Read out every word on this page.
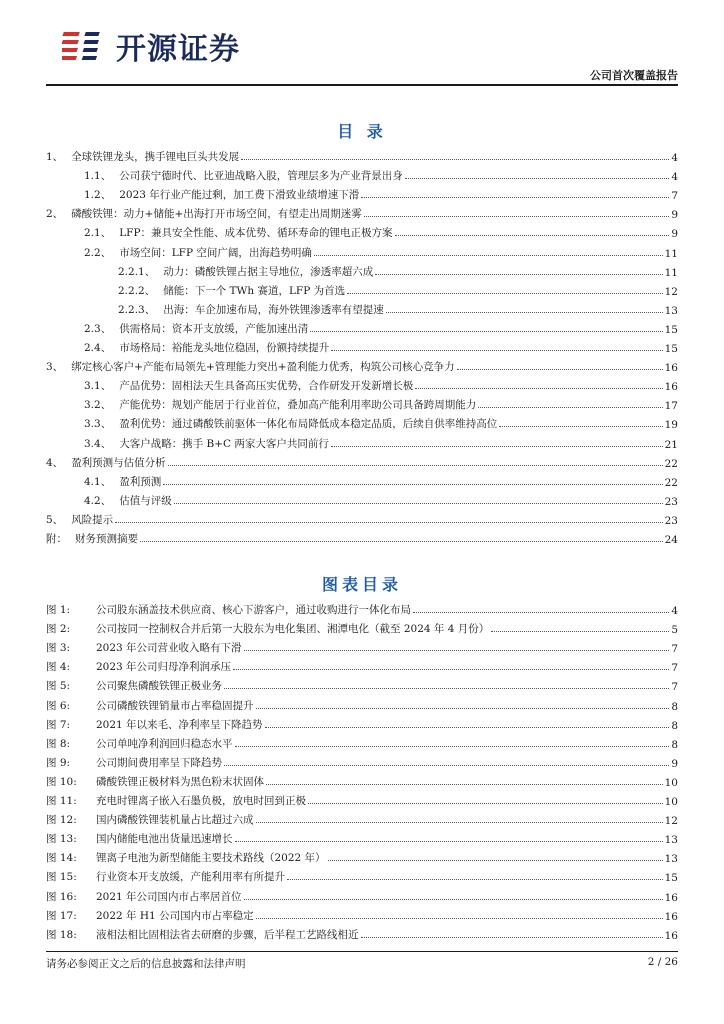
开源证券
公司首次覆盖报告
目 录
1、 全球铁锂龙头，携手锂电巨头共发展	4
1.1、 公司获宁德时代、比亚迪战略入股，管理层多为产业背景出身	4
1.2、 2023 年行业产能过剩，加工费下滑致业绩增速下滑	7
2、 磷酸铁锂：动力+储能+出海打开市场空间，有望走出周期迷雾	9
2.1、 LFP：兼具安全性能、成本优势、循环寿命的锂电正极方案	9
2.2、 市场空间：LFP 空间广阔，出海趋势明确	11
2.2.1、 动力：磷酸铁锂占据主导地位，渗透率超六成	11
2.2.2、 储能：下一个 TWh 赛道，LFP 为首选	12
2.2.3、 出海：车企加速布局，海外铁锂渗透率有望提速	13
2.3、 供需格局：资本开支放缓，产能加速出清	15
2.4、 市场格局：裕能龙头地位稳固，份额持续提升	15
3、 绑定核心客户+产能布局领先+管理能力突出+盈利能力优秀，构筑公司核心竞争力	16
3.1、 产品优势：固相法天生具备高压实优势，合作研发开发新增长极	16
3.2、 产能优势：规划产能居于行业首位，叠加高产能利用率助公司具备跨周期能力	17
3.3、 盈利优势：通过磷酸铁前驱体一体化布局降低成本稳定品质，后续自供率维持高位	19
3.4、 大客户战略：携手 B+C 两家大客户共同前行	21
4、 盈利预测与估值分析	22
4.1、 盈利预测	22
4.2、 估值与评级	23
5、 风险提示	23
附： 财务预测摘要	24
图表目录
图 1:	公司股东涵盖技术供应商、核心下游客户，通过收购进行一体化布局	4
图 2:	公司按同一控制权合并后第一大股东为电化集团、湘潭电化（截至 2024 年 4 月份）	5
图 3:	2023 年公司营业收入略有下滑	7
图 4:	2023 年公司归母净利润承压	7
图 5:	公司聚焦磷酸铁锂正极业务	7
图 6:	公司磷酸铁锂销量市占率稳固提升	8
图 7:	2021 年以来毛、净利率呈下降趋势	8
图 8:	公司单吨净利润回归稳态水平	8
图 9:	公司期间费用率呈下降趋势	9
图 10:	磷酸铁锂正极材料为黑色粉末状固体	10
图 11:	充电时锂离子嵌入石墨负极，放电时回到正极	10
图 12:	国内磷酸铁锂装机量占比超过六成	12
图 13:	国内储能电池出货量迅速增长	13
图 14:	锂离子电池为新型储能主要技术路线（2022 年）	13
图 15:	行业资本开支放缓，产能利用率有所提升	15
图 16:	2021 年公司国内市占率居首位	16
图 17:	2022 年 H1 公司国内市占率稳定	16
图 18:	液相法相比固相法省去研磨的步骤，后半程工艺路线相近	16
请务必参阅正文之后的信息披露和法律声明	2 / 26
